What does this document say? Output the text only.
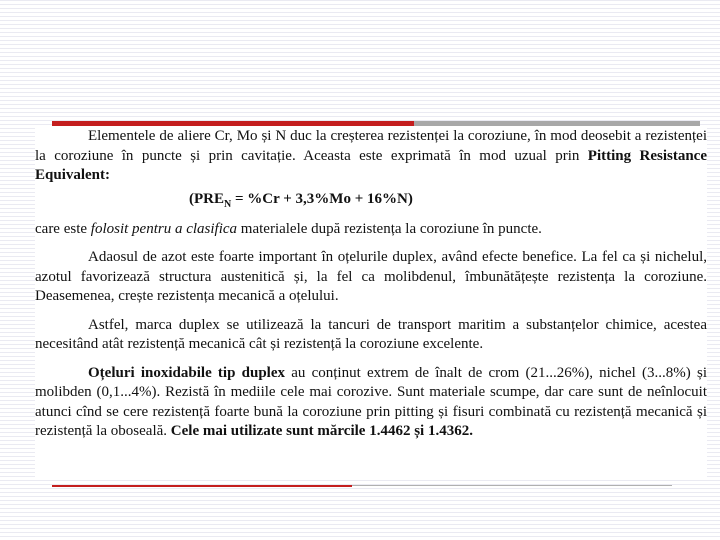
Elementele de aliere Cr, Mo și N duc la creșterea rezistenței la coroziune, în mod deosebit a rezistenței la coroziune în puncte și prin cavitație. Aceasta este exprimată în mod uzual prin Pitting Resistance Equivalent:

$(PRE_N = \%Cr + 3,3\%Mo + 16\%N)$

care este folosit pentru a clasifica materialele după rezistența la coroziune în puncte.

Adaosul de azot este foarte important în oțelurile duplex, având efecte benefice. La fel ca și nichelul, azotul favorizează structura austenitică și, la fel ca molibdenul, îmbunătățește rezistența la coroziune. Deasemenea, crește rezistența mecanică a oțelului.

Astfel, marca duplex se utilizează la tancuri de transport maritim a substanțelor chimice, acestea necesitând atât rezistență mecanică cât și rezistență la coroziune excelente.

Oțeluri inoxidabile tip duplex au conținut extrem de înalt de crom (21...26%), nichel (3...8%) și molibden (0,1...4%). Rezistă în mediile cele mai corozive. Sunt materiale scumpe, dar care sunt de neînlocuit atunci cînd se cere rezistență foarte bună la coroziune prin pitting și fisuri combinată cu rezistență mecanică și rezistență la oboseală. Cele mai utilizate sunt mărcile 1.4462 și 1.4362.
